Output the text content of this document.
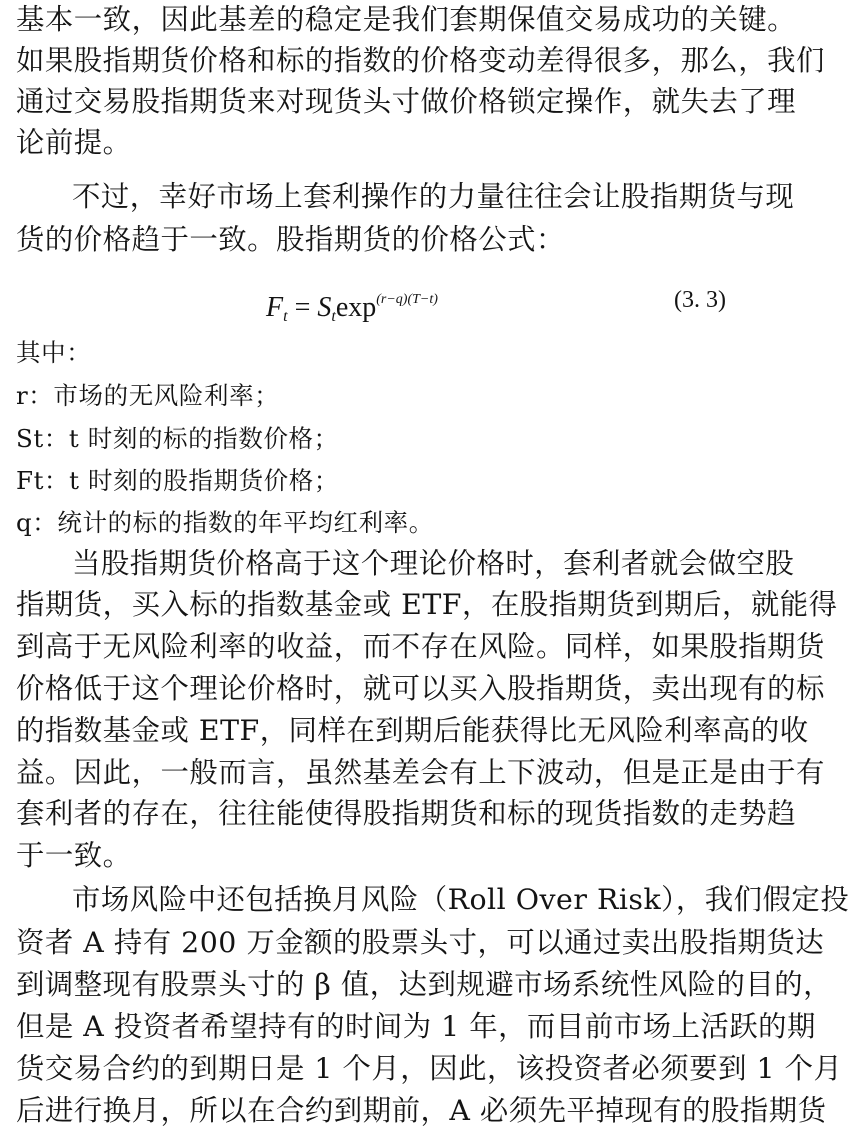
基本一致，因此基差的稳定是我们套期保值交易成功的关键。
如果股指期货价格和标的指数的价格变动差得很多，那么，我们
通过交易股指期货来对现货头寸做价格锁定操作，就失去了理
论前提。
不过，幸好市场上套利操作的力量往往会让股指期货与现
货的价格趋于一致。股指期货的价格公式：
$F_t = S_t\exp^{(r-q)(T-t)}$	(3. 3)
其中：
r：市场的无风险利率；
St：t 时刻的标的指数价格；
Ft：t 时刻的股指期货价格；
q：统计的标的指数的年平均红利率。
当股指期货价格高于这个理论价格时，套利者就会做空股
指期货，买入标的指数基金或 ETF，在股指期货到期后，就能得
到高于无风险利率的收益，而不存在风险。同样，如果股指期货
价格低于这个理论价格时，就可以买入股指期货，卖出现有的标
的指数基金或 ETF，同样在到期后能获得比无风险利率高的收
益。因此，一般而言，虽然基差会有上下波动，但是正是由于有
套利者的存在，往往能使得股指期货和标的现货指数的走势趋
于一致。
市场风险中还包括换月风险（Roll Over Risk），我们假定投
资者 A 持有 200 万金额的股票头寸，可以通过卖出股指期货达
到调整现有股票头寸的 β 值，达到规避市场系统性风险的目的，
但是 A 投资者希望持有的时间为 1 年，而目前市场上活跃的期
货交易合约的到期日是 1 个月，因此，该投资者必须要到 1 个月
后进行换月，所以在合约到期前，A 必须先平掉现有的股指期货
